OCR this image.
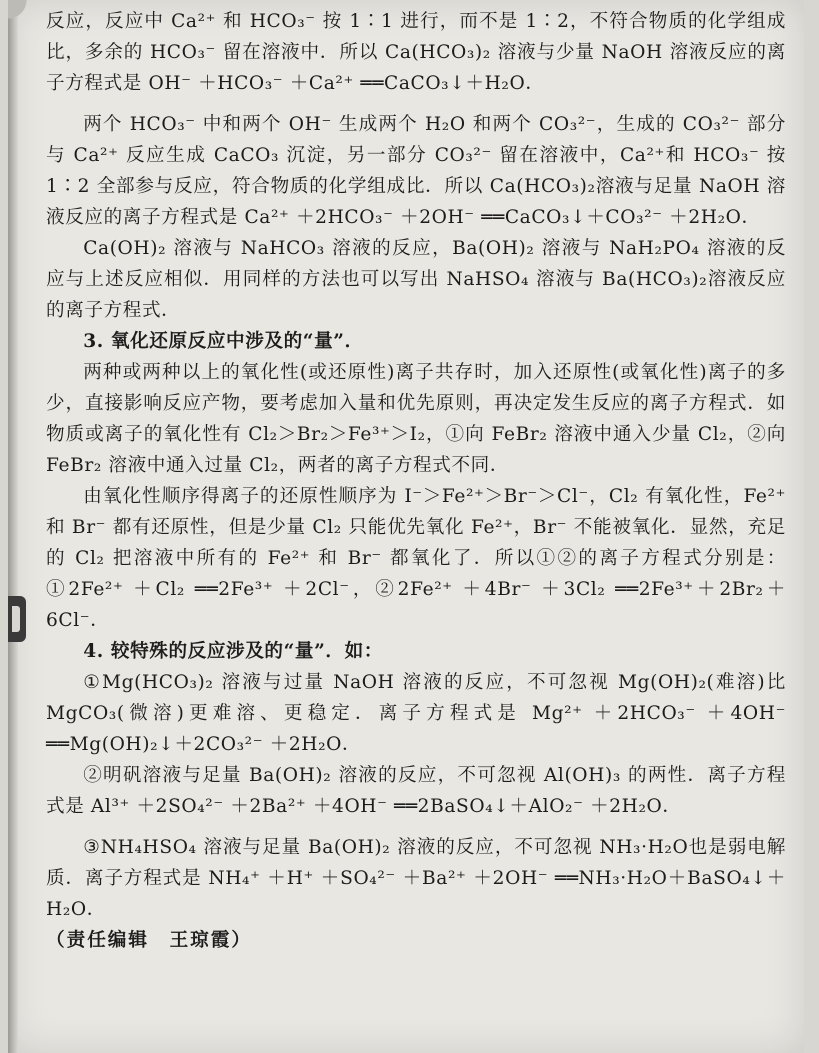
反应，反应中 Ca²⁺ 和 HCO₃⁻ 按 1∶1 进行，而不是 1∶2，不符合物质的化学组成比，多余的 HCO₃⁻ 留在溶液中．所以 Ca(HCO₃)₂ 溶液与少量 NaOH 溶液反应的离子方程式是 OH⁻ ＋HCO₃⁻ ＋Ca²⁺ ══CaCO₃↓＋H₂O．

两个 HCO₃⁻ 中和两个 OH⁻ 生成两个 H₂O 和两个 CO₃²⁻，生成的 CO₃²⁻ 部分与 Ca²⁺ 反应生成 CaCO₃ 沉淀，另一部分 CO₃²⁻ 留在溶液中，Ca²⁺和 HCO₃⁻ 按 1∶2 全部参与反应，符合物质的化学组成比．所以 Ca(HCO₃)₂溶液与足量 NaOH 溶液反应的离子方程式是 Ca²⁺ ＋2HCO₃⁻ ＋2OH⁻ ══CaCO₃↓＋CO₃²⁻ ＋2H₂O．

Ca(OH)₂ 溶液与 NaHCO₃ 溶液的反应，Ba(OH)₂ 溶液与 NaH₂PO₄ 溶液的反应与上述反应相似．用同样的方法也可以写出 NaHSO₄ 溶液与 Ba(HCO₃)₂溶液反应的离子方程式．

3. 氧化还原反应中涉及的“量”．

两种或两种以上的氧化性(或还原性)离子共存时，加入还原性(或氧化性)离子的多少，直接影响反应产物，要考虑加入量和优先原则，再决定发生反应的离子方程式．如物质或离子的氧化性有 Cl₂＞Br₂＞Fe³⁺＞I₂，①向 FeBr₂ 溶液中通入少量 Cl₂，②向 FeBr₂ 溶液中通入过量 Cl₂，两者的离子方程式不同．

由氧化性顺序得离子的还原性顺序为 I⁻＞Fe²⁺＞Br⁻＞Cl⁻，Cl₂ 有氧化性，Fe²⁺ 和 Br⁻ 都有还原性，但是少量 Cl₂ 只能优先氧化 Fe²⁺，Br⁻ 不能被氧化．显然，充足的 Cl₂ 把溶液中所有的 Fe²⁺ 和 Br⁻ 都氧化了．所以①②的离子方程式分别是：①2Fe²⁺ ＋Cl₂ ══2Fe³⁺ ＋2Cl⁻，②2Fe²⁺ ＋4Br⁻ ＋3Cl₂ ══2Fe³⁺＋2Br₂＋6Cl⁻．

4. 较特殊的反应涉及的“量”．如：

①Mg(HCO₃)₂ 溶液与过量 NaOH 溶液的反应，不可忽视 Mg(OH)₂(难溶)比 MgCO₃(微溶)更难溶、更稳定．离子方程式是 Mg²⁺ ＋2HCO₃⁻ ＋4OH⁻ ══Mg(OH)₂↓＋2CO₃²⁻ ＋2H₂O．

②明矾溶液与足量 Ba(OH)₂ 溶液的反应，不可忽视 Al(OH)₃ 的两性．离子方程式是 Al³⁺ ＋2SO₄²⁻ ＋2Ba²⁺ ＋4OH⁻ ══2BaSO₄↓＋AlO₂⁻ ＋2H₂O．

③NH₄HSO₄ 溶液与足量 Ba(OH)₂ 溶液的反应，不可忽视 NH₃·H₂O也是弱电解质．离子方程式是 NH₄⁺ ＋H⁺ ＋SO₄²⁻ ＋Ba²⁺ ＋2OH⁻ ══NH₃·H₂O＋BaSO₄↓＋H₂O．

（责任编辑　王琼霞）
